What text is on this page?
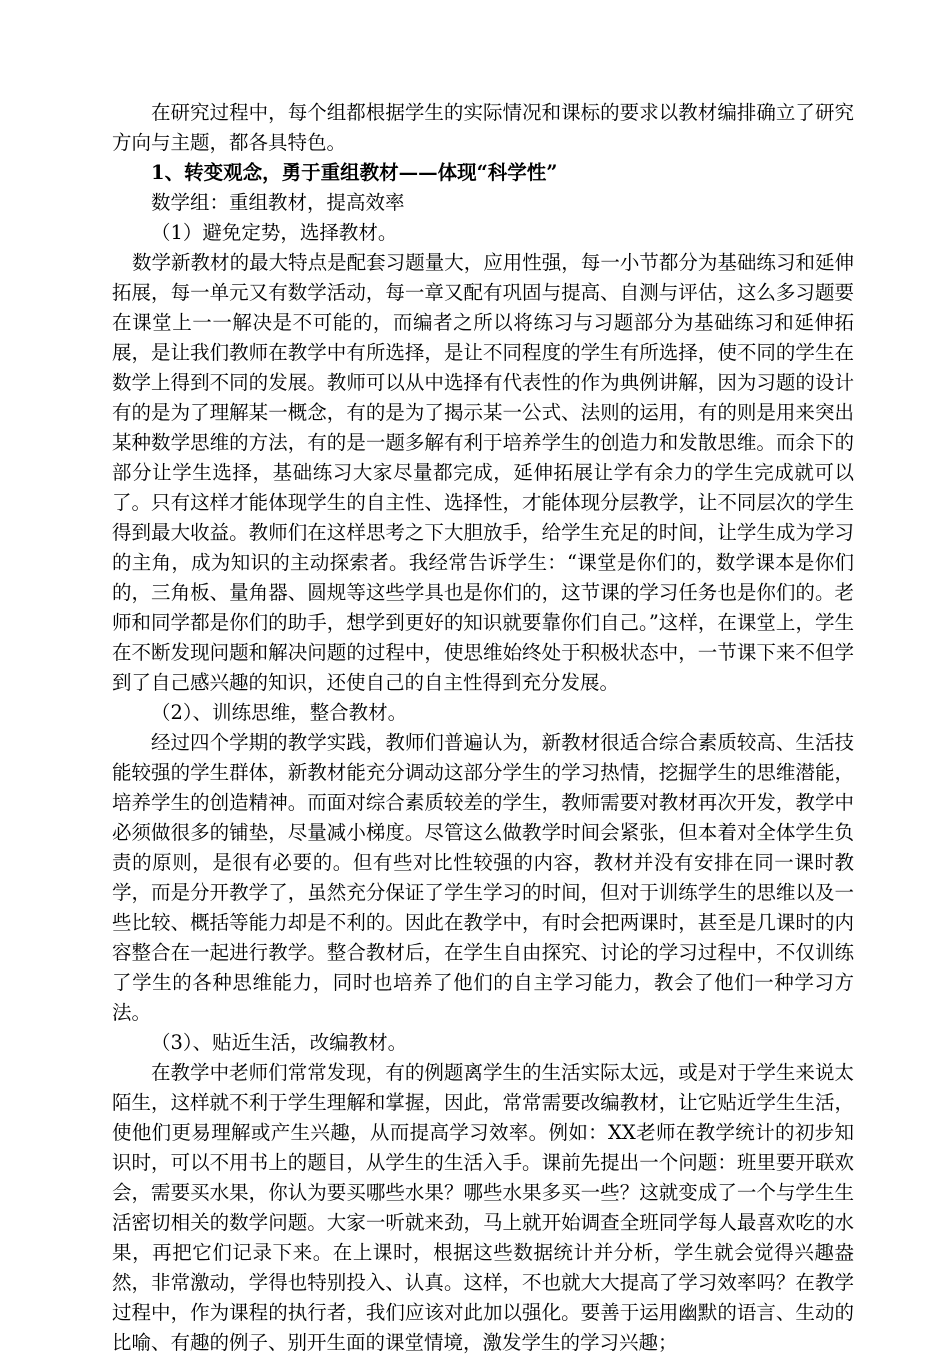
在研究过程中，每个组都根据学生的实际情况和课标的要求以教材编排确立了研究方向与主题，都各具特色。

1、转变观念，勇于重组教材——体现“科学性”

数学组：重组教材，提高效率

（1）避免定势，选择教材。

数学新教材的最大特点是配套习题量大，应用性强，每一小节都分为基础练习和延伸拓展，每一单元又有数学活动，每一章又配有巩固与提高、自测与评估，这么多习题要在课堂上一一解决是不可能的，而编者之所以将练习与习题部分为基础练习和延伸拓展，是让我们教师在教学中有所选择，是让不同程度的学生有所选择，使不同的学生在数学上得到不同的发展。教师可以从中选择有代表性的作为典例讲解，因为习题的设计有的是为了理解某一概念，有的是为了揭示某一公式、法则的运用，有的则是用来突出某种数学思维的方法，有的是一题多解有利于培养学生的创造力和发散思维。而余下的部分让学生选择，基础练习大家尽量都完成，延伸拓展让学有余力的学生完成就可以了。只有这样才能体现学生的自主性、选择性，才能体现分层教学，让不同层次的学生得到最大收益。教师们在这样思考之下大胆放手，给学生充足的时间，让学生成为学习的主角，成为知识的主动探索者。我经常告诉学生：“课堂是你们的，数学课本是你们的，三角板、量角器、圆规等这些学具也是你们的，这节课的学习任务也是你们的。老师和同学都是你们的助手，想学到更好的知识就要靠你们自己。”这样，在课堂上，学生在不断发现问题和解决问题的过程中，使思维始终处于积极状态中，一节课下来不但学到了自己感兴趣的知识，还使自己的自主性得到充分发展。

（2）、训练思维，整合教材。

经过四个学期的教学实践，教师们普遍认为，新教材很适合综合素质较高、生活技能较强的学生群体，新教材能充分调动这部分学生的学习热情，挖掘学生的思维潜能，培养学生的创造精神。而面对综合素质较差的学生，教师需要对教材再次开发，教学中必须做很多的铺垫，尽量减小梯度。尽管这么做教学时间会紧张，但本着对全体学生负责的原则，是很有必要的。但有些对比性较强的内容，教材并没有安排在同一课时教学，而是分开教学了，虽然充分保证了学生学习的时间，但对于训练学生的思维以及一些比较、概括等能力却是不利的。因此在教学中，有时会把两课时，甚至是几课时的内容整合在一起进行教学。整合教材后，在学生自由探究、讨论的学习过程中，不仅训练了学生的各种思维能力，同时也培养了他们的自主学习能力，教会了他们一种学习方法。

（3）、贴近生活，改编教材。

在教学中老师们常常发现，有的例题离学生的生活实际太远，或是对于学生来说太陌生，这样就不利于学生理解和掌握，因此，常常需要改编教材，让它贴近学生生活，使他们更易理解或产生兴趣，从而提高学习效率。例如：XX老师在教学统计的初步知识时，可以不用书上的题目，从学生的生活入手。课前先提出一个问题：班里要开联欢会，需要买水果，你认为要买哪些水果？哪些水果多买一些？这就变成了一个与学生生活密切相关的数学问题。大家一听就来劲，马上就开始调查全班同学每人最喜欢吃的水果，再把它们记录下来。在上课时，根据这些数据统计并分析，学生就会觉得兴趣盎然，非常激动，学得也特别投入、认真。这样，不也就大大提高了学习效率吗？在教学过程中，作为课程的执行者，我们应该对此加以强化。要善于运用幽默的语言、生动的比喻、有趣的例子、别开生面的课堂情境，激发学生的学习兴趣；
